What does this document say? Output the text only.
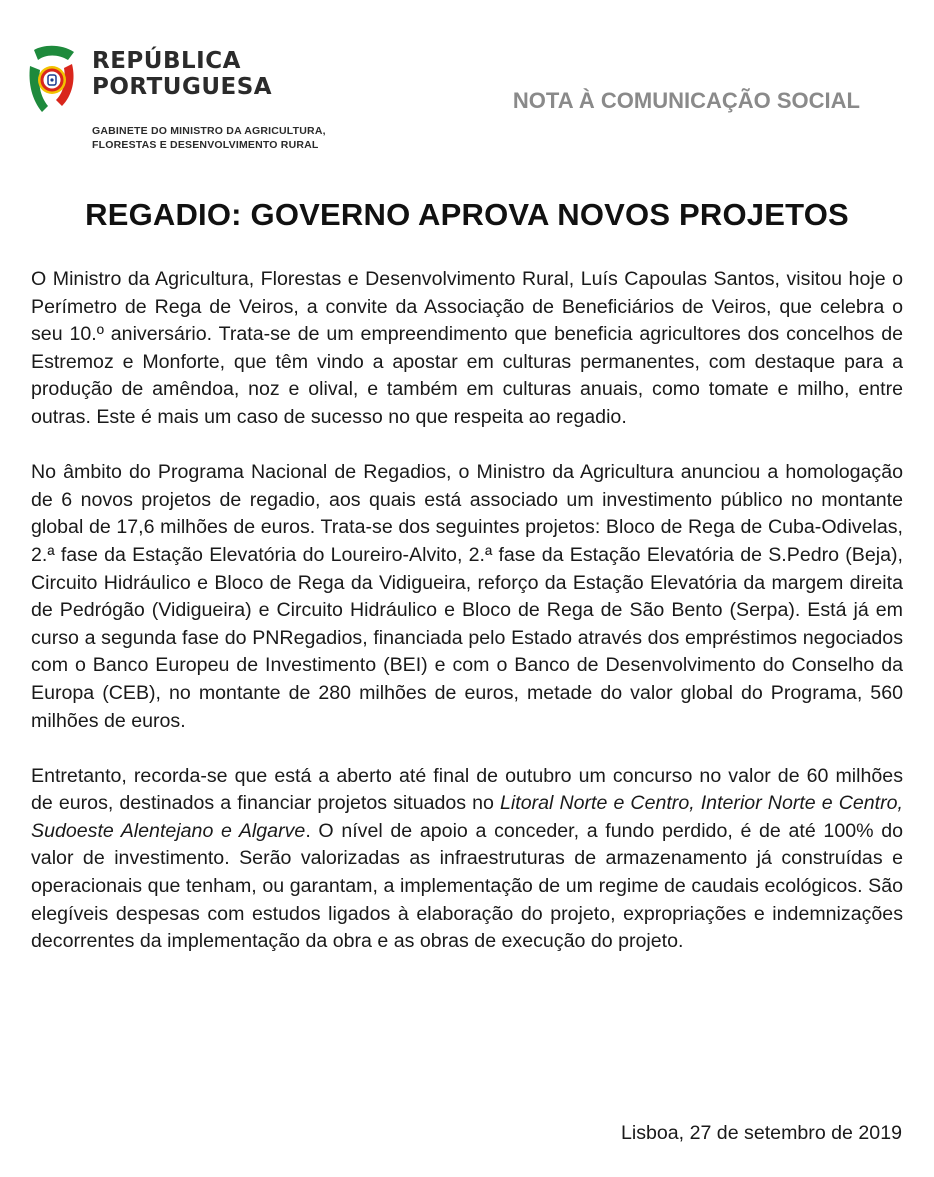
REPÚBLICA
PORTUGUESA
GABINETE DO MINISTRO DA AGRICULTURA,
FLORESTAS E DESENVOLVIMENTO RURAL
NOTA À COMUNICAÇÃO SOCIAL
REGADIO: GOVERNO APROVA NOVOS PROJETOS

O Ministro da Agricultura, Florestas e Desenvolvimento Rural, Luís Capoulas Santos, visitou hoje o Perímetro de Rega de Veiros, a convite da Associação de Beneficiários de Veiros, que celebra o seu 10.º aniversário. Trata-se de um empreendimento que beneficia agricultores dos concelhos de Estremoz e Monforte, que têm vindo a apostar em culturas permanentes, com destaque para a produção de amêndoa, noz e olival, e também em culturas anuais, como tomate e milho, entre outras. Este é mais um caso de sucesso no que respeita ao regadio.

No âmbito do Programa Nacional de Regadios, o Ministro da Agricultura anunciou a homologação de 6 novos projetos de regadio, aos quais está associado um investimento público no montante global de 17,6 milhões de euros. Trata-se dos seguintes projetos: Bloco de Rega de Cuba-Odivelas, 2.ª fase da Estação Elevatória do Loureiro-Alvito, 2.ª fase da Estação Elevatória de S.Pedro (Beja), Circuito Hidráulico e Bloco de Rega da Vidigueira, reforço da Estação Elevatória da margem direita de Pedrógão (Vidigueira) e Circuito Hidráulico e Bloco de Rega de São Bento (Serpa). Está já em curso a segunda fase do PNRegadios, financiada pelo Estado através dos empréstimos negociados com o Banco Europeu de Investimento (BEI) e com o Banco de Desenvolvimento do Conselho da Europa (CEB), no montante de 280 milhões de euros, metade do valor global do Programa, 560 milhões de euros.

Entretanto, recorda-se que está a aberto até final de outubro um concurso no valor de 60 milhões de euros, destinados a financiar projetos situados no Litoral Norte e Centro, Interior Norte e Centro, Sudoeste Alentejano e Algarve. O nível de apoio a conceder, a fundo perdido, é de até 100% do valor de investimento. Serão valorizadas as infraestruturas de armazenamento já construídas e operacionais que tenham, ou garantam, a implementação de um regime de caudais ecológicos. São elegíveis despesas com estudos ligados à elaboração do projeto, expropriações e indemnizações decorrentes da implementação da obra e as obras de execução do projeto.

Lisboa, 27 de setembro de 2019
